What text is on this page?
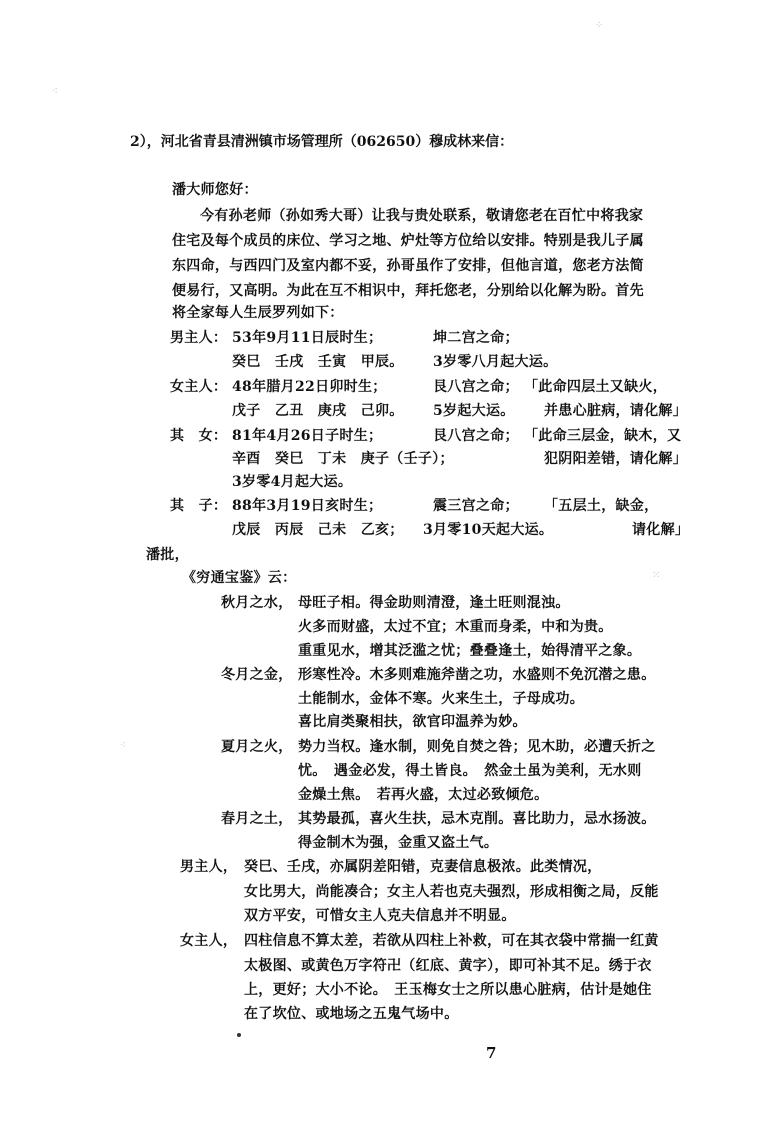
2），河北省青县清洲镇市场管理所（062650）穆成林来信：
潘大师您好：
今有孙老师（孙如秀大哥）让我与贵处联系，敬请您老在百忙中将我家
住宅及每个成员的床位、学习之地、炉灶等方位给以安排。特别是我儿子属
东四命，与西四门及室内都不妥，孙哥虽作了安排，但他言道，您老方法简
便易行，又高明。为此在互不相识中，拜托您老，分别给以化解为盼。首先
将全家每人生辰罗列如下：
男主人： 53年9月11日辰时生；	坤二宫之命；
癸巳　壬戌　壬寅　甲辰。 3岁零八月起大运。
女主人： 48年腊月22日卯时生；	艮八宫之命； 「此命四层土又缺火，
戊子　乙丑　庚戌　己卯。 5岁起大运。 并患心脏病，请化解」
其　女： 81年4月26日子时生；	艮八宫之命； 「此命三层金，缺木，又
辛酉　癸巳　丁未　庚子（壬子）；	犯阴阳差错，请化解」
3岁零4月起大运。
其　子： 88年3月19日亥时生；	震三宫之命； 「五层土，缺金，
戊辰　丙辰　己未　乙亥； 3月零10天起大运。	请化解」
潘批，
《穷通宝鉴》云：
秋月之水， 母旺子相。得金助则清澄，逢土旺则混浊。
火多而财盛，太过不宜；木重而身柔，中和为贵。
重重见水，增其泛滥之忧；叠叠逢土，始得清平之象。
冬月之金， 形寒性冷。木多则难施斧凿之功，水盛则不免沉潜之患。
土能制水，金体不寒。火来生土，子母成功。
喜比肩类聚相扶，欲官印温养为妙。
夏月之火， 势力当权。逢水制，则免自焚之咎；见木助，必遭夭折之
忧。　遇金必发，得土皆良。　然金土虽为美利，无水则
金燥土焦。　若再火盛，太过必致倾危。
春月之土， 其势最孤，喜火生扶，忌木克削。喜比助力，忌水扬波。
得金制木为强，金重又盗土气。
男主人， 癸巳、壬戌，亦属阴差阳错，克妻信息极浓。此类情况，
女比男大，尚能凑合；女主人若也克夫强烈，形成相衡之局，反能
双方平安，可惜女主人克夫信息并不明显。
女主人， 四柱信息不算太差，若欲从四柱上补救，可在其衣袋中常揣一红黄
太极图、或黄色万字符卍（红底、黄字），即可补其不足。绣于衣
上，更好；大小不论。　王玉梅女士之所以患心脏病，估计是她住
在了坎位、或地场之五鬼气场中。
7
⁘
⁖
⁙
⁖
